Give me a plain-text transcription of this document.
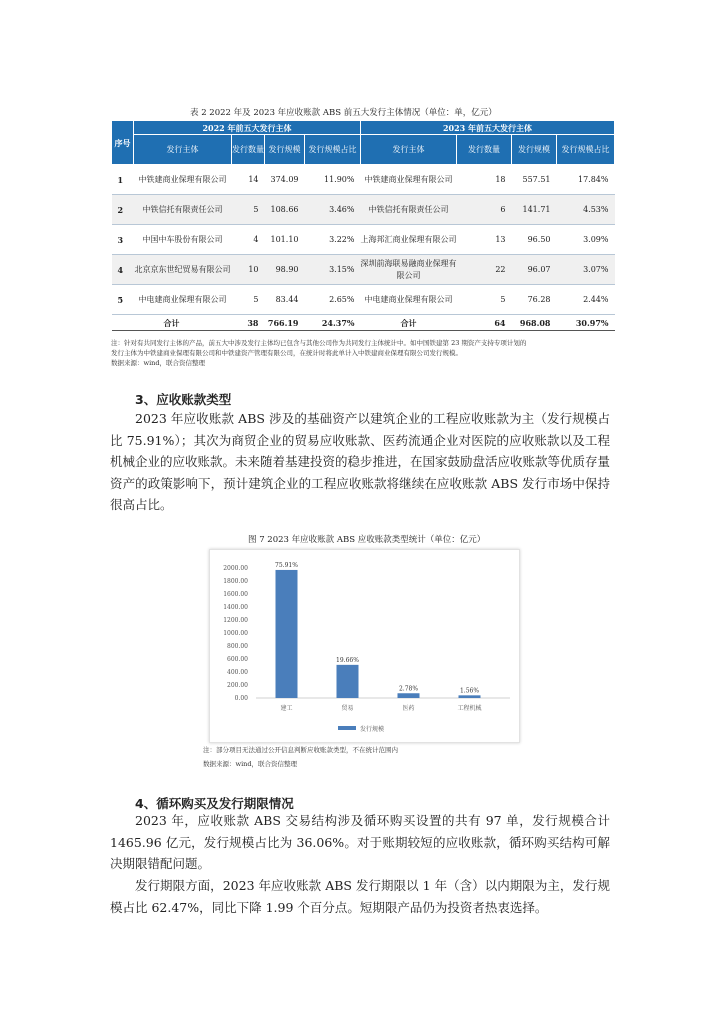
表 2 2022 年及 2023 年应收账款 ABS 前五大发行主体情况（单位：单，亿元）
序号	2022 年前五大发行主体				2023 年前五大发行主体			
	发行主体	发行数量	发行规模	发行规模占比	发行主体	发行数量	发行规模	发行规模占比
1	中铁建商业保理有限公司	14	374.09	11.90%	中铁建商业保理有限公司	18	557.51	17.84%
2	中铁信托有限责任公司	5	108.66	3.46%	中铁信托有限责任公司	6	141.71	4.53%
3	中国中车股份有限公司	4	101.10	3.22%	上海邦汇商业保理有限公司	13	96.50	3.09%
4	北京京东世纪贸易有限公司	10	98.90	3.15%	深圳前海联易融商业保理有限公司	22	96.07	3.07%
5	中电建商业保理有限公司	5	83.44	2.65%	中电建商业保理有限公司	5	76.28	2.44%
合计		38	766.19	24.37%	合计	64	968.08	30.97%
注：针对有共同发行主体的产品，前五大中涉及发行主体均已包含与其他公司作为共同发行主体统计中。如中国铁建第 23 期资产支持专项计划的
发行主体为中铁建商业保理有限公司和中铁建资产管理有限公司，在统计时将此单计入中铁建商业保理有限公司发行规模。
数据来源：wind，联合资信整理
3、应收账款类型
2023 年应收账款 ABS 涉及的基础资产以建筑企业的工程应收账款为主（发行规模占比 75.91%）；其次为商贸企业的贸易应收账款、医药流通企业对医院的应收账款以及工程机械企业的应收账款。未来随着基建投资的稳步推进，在国家鼓励盘活应收账款等优质存量资产的政策影响下，预计建筑企业的工程应收账款将继续在应收账款 ABS 发行市场中保持很高占比。
图 7 2023 年应收账款 ABS 应收账款类型统计（单位：亿元）
0.00
200.00
400.00
600.00
800.00
1000.00
1200.00
1400.00
1600.00
1800.00
2000.00	75.91%
建工
19.66%
贸易
2.78%
医药
1.56%
工程机械
发行规模
注：部分项目无法通过公开信息判断应收账款类型，不在统计范围内
数据来源：wind，联合资信整理
4、循环购买及发行期限情况
2023 年，应收账款 ABS 交易结构涉及循环购买设置的共有 97 单，发行规模合计 1465.96 亿元，发行规模占比为 36.06%。对于账期较短的应收账款，循环购买结构可解决期限错配问题。
发行期限方面，2023 年应收账款 ABS 发行期限以 1 年（含）以内期限为主，发行规模占比 62.47%，同比下降 1.99 个百分点。短期限产品仍为投资者热衷选择。
